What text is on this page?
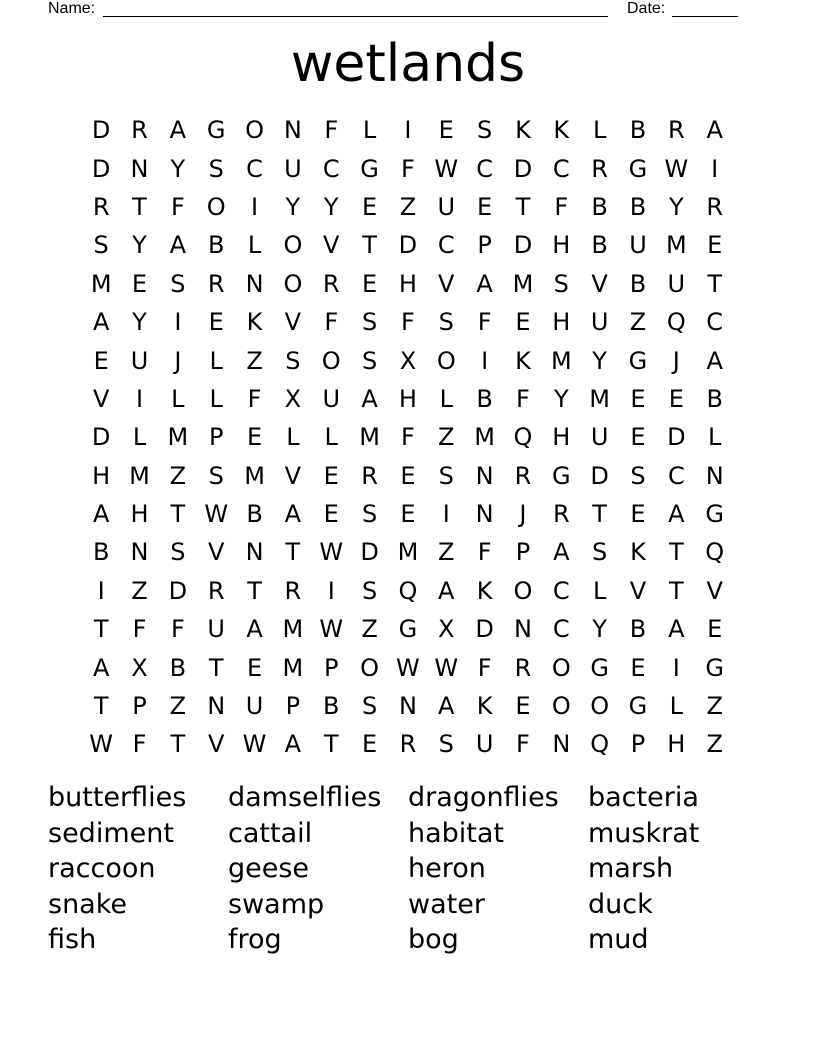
Name:	Date:
wetlands
D R A G O N F	L	I	E S K K L B R A
D N Y S C U C G F W C D C R G W I
R T	F O	I	Y Y E Z U E T	F B B Y R
S Y A B L O V T D C P D H B U M E
M E S R N O R E H V A M S V B U T
A Y	I	E K V F S F S F E H U Z Q C
E U	J	L Z S O S X O	I	K M Y G	J	A
V	I	L	L	F X U A H L B F	Y M E E B
D L M P E	L	L M F Z M Q H U E D L
H M Z S M V E R E S N R G D S C N
A H T W B A E S E	I	N	J	R T E A G
B N S V N T W D M Z F	P A S K T Q
I	Z D R T R	I	S Q A K O C L V T V
T	F	F U A M W Z G X D N C Y B A E
A X B T E M P O W W F R O G E	I	G
T P Z N U P B S N A K E O O G L Z
W F	T V W A T E R S U F N Q P H Z
butterflies	damselflies dragonflies	bacteria
sediment	cattail	habitat	muskrat
raccoon	geese	heron	marsh
snake	swamp	water	duck
fish	frog	bog	mud
